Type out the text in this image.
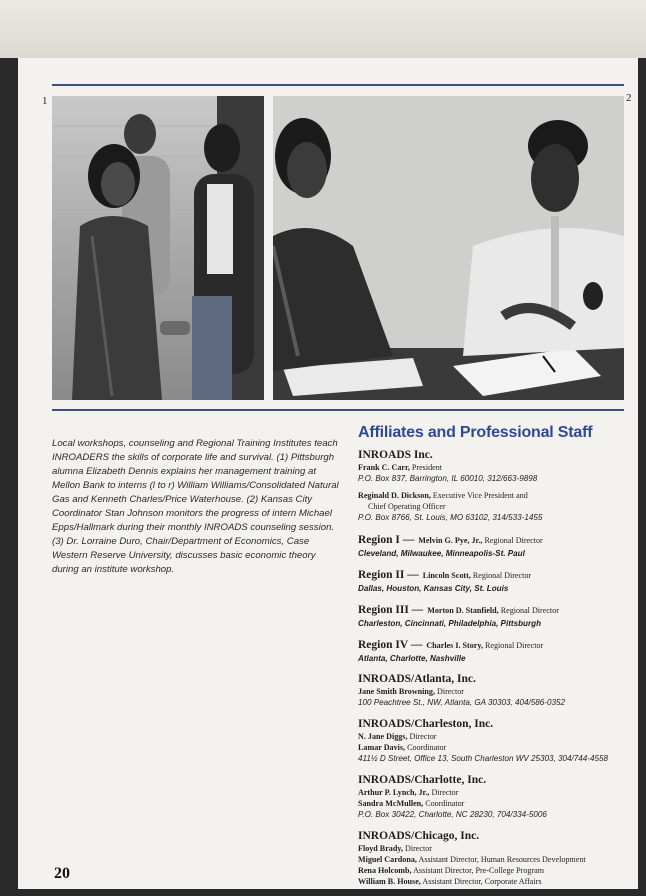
1	2

Local workshops, counseling and Regional Training Institutes teach INROADERS the skills of corporate life and survival. (1) Pittsburgh alumna Elizabeth Dennis explains her management training at Mellon Bank to interns (l to r) William Williams/Consolidated Natural Gas and Kenneth Charles/Price Waterhouse. (2) Kansas City Coordinator Stan Johnson monitors the progress of intern Michael Epps/Hallmark during their monthly INROADS counseling session. (3) Dr. Lorraine Duro, Chair/Department of Economics, Case Western Reserve University, discusses basic economic theory during an institute workshop.

Affiliates and Professional Staff
INROADS Inc.
Frank C. Carr, President
P.O. Box 837, Barrington, IL 60010, 312/663-9898
Reginald D. Dickson, Executive Vice President and
Chief Operating Officer
P.O. Box 8766, St. Louis, MO 63102, 314/533-1455
Region I — Melvin G. Pye, Jr., Regional Director
Cleveland, Milwaukee, Minneapolis-St. Paul
Region II — Lincoln Scott, Regional Director
Dallas, Houston, Kansas City, St. Louis
Region III — Morton D. Stanfield, Regional Director
Charleston, Cincinnati, Philadelphia, Pittsburgh
Region IV — Charles I. Story, Regional Director
Atlanta, Charlotte, Nashville
INROADS/Atlanta, Inc.
Jane Smith Browning, Director
100 Peachtree St., NW, Atlanta, GA 30303, 404/586-0352
INROADS/Charleston, Inc.
N. Jane Diggs, Director
Lamar Davis, Coordinator
411½ D Street, Office 13, South Charleston WV 25303, 304/744-4558
INROADS/Charlotte, Inc.
Arthur P. Lynch, Jr., Director
Sandra McMullen, Coordinator
P.O. Box 30422, Charlotte, NC 28230, 704/334-5006
INROADS/Chicago, Inc.
Floyd Brady, Director
Miguel Cardona, Assistant Director, Human Resources Development
Rena Holcomb, Assistant Director, Pre-College Program
William B. House, Assistant Director, Corporate Affairs
20
